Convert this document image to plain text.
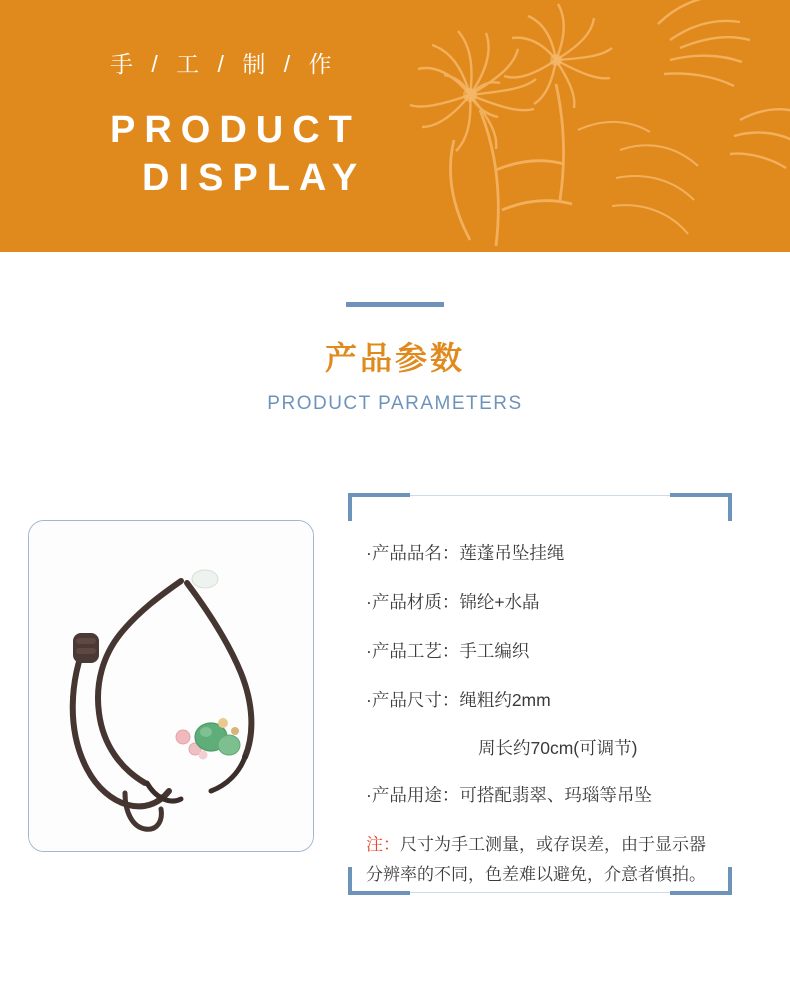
手 / 工 / 制 / 作
PRODUCT
DISPLAY
产品参数
PRODUCT PARAMETERS
·产品品名：莲蓬吊坠挂绳
·产品材质：锦纶+水晶
·产品工艺：手工编织
·产品尺寸：绳粗约2mm
周长约70cm(可调节)
·产品用途：可搭配翡翠、玛瑙等吊坠
注：尺寸为手工测量，或存误差，由于显示器
分辨率的不同，色差难以避免，介意者慎拍。
